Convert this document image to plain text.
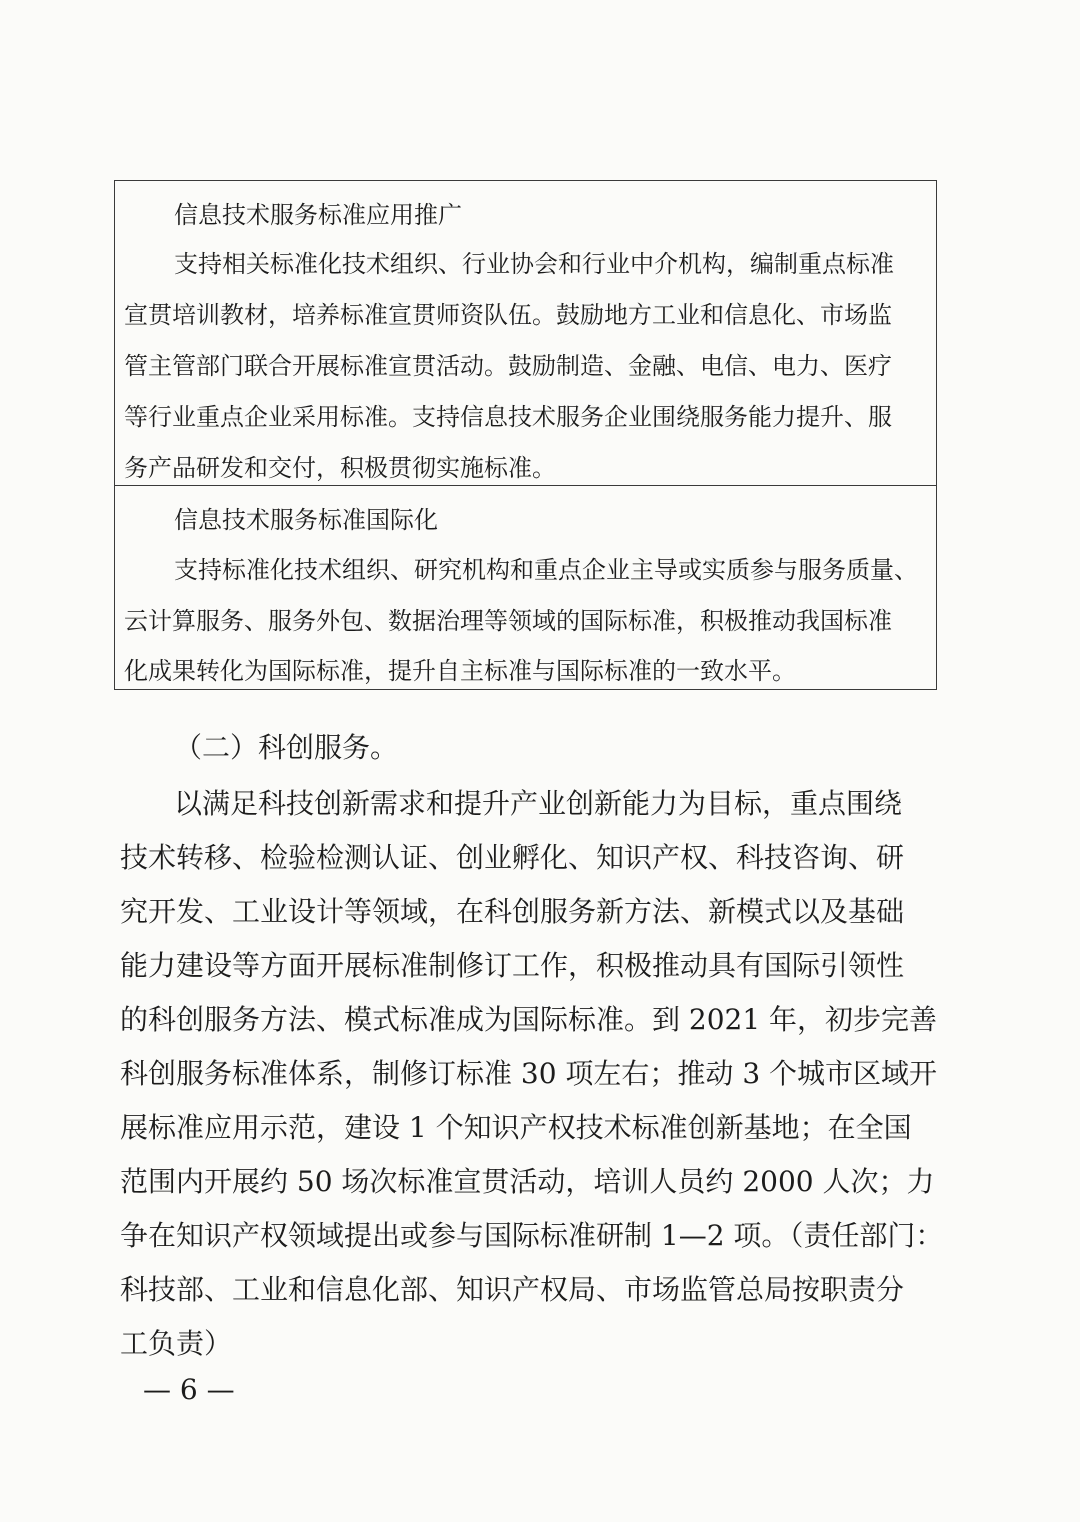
信息技术服务标准应用推广
支持相关标准化技术组织、行业协会和行业中介机构，编制重点标准
宣贯培训教材，培养标准宣贯师资队伍。鼓励地方工业和信息化、市场监
管主管部门联合开展标准宣贯活动。鼓励制造、金融、电信、电力、医疗
等行业重点企业采用标准。支持信息技术服务企业围绕服务能力提升、服
务产品研发和交付，积极贯彻实施标准。
信息技术服务标准国际化
支持标准化技术组织、研究机构和重点企业主导或实质参与服务质量、
云计算服务、服务外包、数据治理等领域的国际标准，积极推动我国标准
化成果转化为国际标准，提升自主标准与国际标准的一致水平。
（二）科创服务。
以满足科技创新需求和提升产业创新能力为目标，重点围绕
技术转移、检验检测认证、创业孵化、知识产权、科技咨询、研
究开发、工业设计等领域，在科创服务新方法、新模式以及基础
能力建设等方面开展标准制修订工作，积极推动具有国际引领性
的科创服务方法、模式标准成为国际标准。到 2021 年，初步完善
科创服务标准体系，制修订标准 30 项左右；推动 3 个城市区域开
展标准应用示范，建设 1 个知识产权技术标准创新基地；在全国
范围内开展约 50 场次标准宣贯活动，培训人员约 2000 人次；力
争在知识产权领域提出或参与国际标准研制 1—2 项。（责任部门：
科技部、工业和信息化部、知识产权局、市场监管总局按职责分
工负责）
— 6 —
